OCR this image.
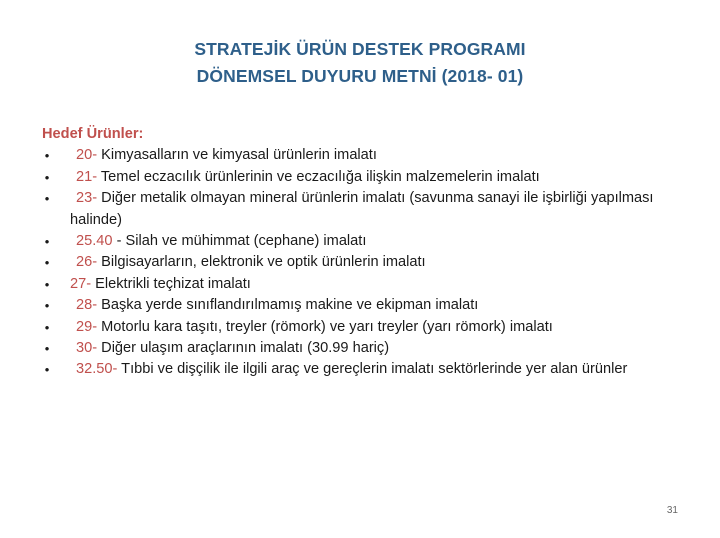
STRATEJİK ÜRÜN DESTEK PROGRAMI
DÖNEMSEL DUYURU METNİ (2018- 01)
Hedef Ürünler:
• 20- Kimyasalların ve kimyasal ürünlerin imalatı
• 21- Temel eczacılık ürünlerinin ve eczacılığa ilişkin malzemelerin imalatı
• 23- Diğer metalik olmayan mineral ürünlerin imalatı (savunma sanayi ile işbirliği yapılması halinde)
• 25.40 - Silah ve mühimmat (cephane) imalatı
• 26- Bilgisayarların, elektronik ve optik ürünlerin imalatı
• 27- Elektrikli teçhizat imalatı
• 28- Başka yerde sınıflandırılmamış makine ve ekipman imalatı
• 29- Motorlu kara taşıtı, treyler (römork) ve yarı treyler (yarı römork) imalatı
• 30- Diğer ulaşım araçlarının imalatı (30.99 hariç)
• 32.50- Tıbbi ve dişçilik ile ilgili araç ve gereçlerin imalatı sektörlerinde yer alan ürünler
31
